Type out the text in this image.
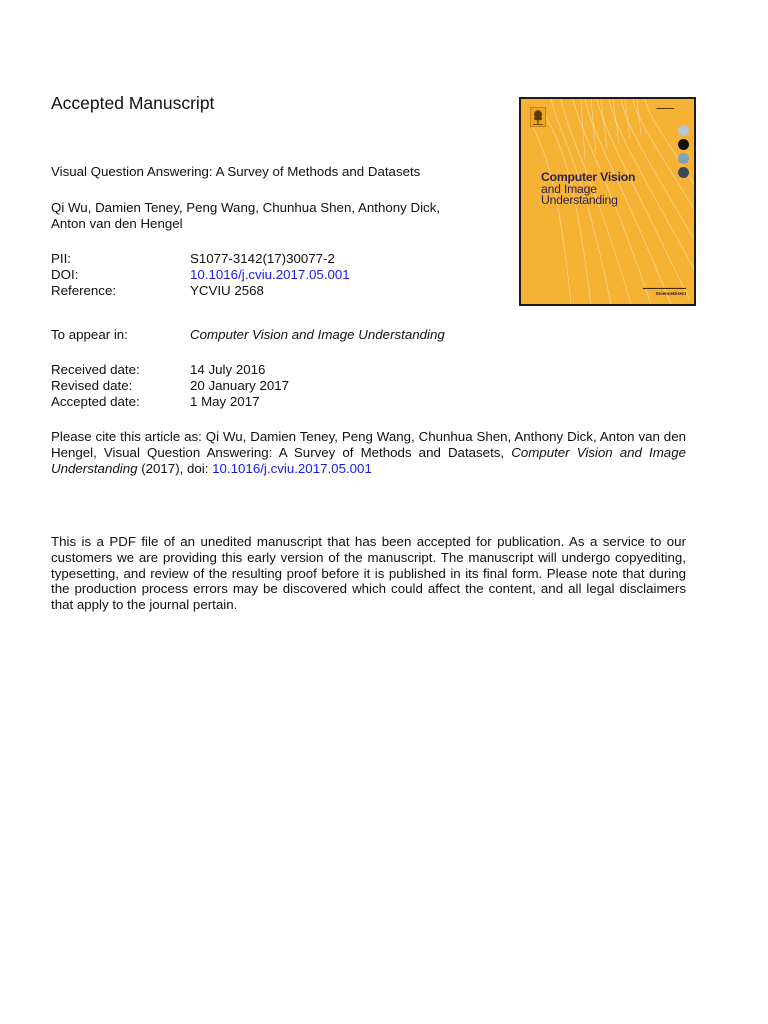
Accepted Manuscript
Visual Question Answering: A Survey of Methods and Datasets
Qi Wu, Damien Teney, Peng Wang, Chunhua Shen, Anthony Dick,
Anton van den Hengel
PII:	S1077-3142(17)30077-2
DOI:	10.1016/j.cviu.2017.05.001
Reference:	YCVIU 2568
To appear in:	Computer Vision and Image Understanding
Received date:	14 July 2016
Revised date:	20 January 2017
Accepted date:	1 May 2017
Please cite this article as: Qi Wu, Damien Teney, Peng Wang, Chunhua Shen, Anthony Dick, Anton van den Hengel, Visual Question Answering: A Survey of Methods and Datasets, Computer Vision and Image Understanding (2017), doi: 10.1016/j.cviu.2017.05.001
This is a PDF file of an unedited manuscript that has been accepted for publication. As a service to our customers we are providing this early version of the manuscript. The manuscript will undergo copyediting, typesetting, and review of the resulting proof before it is published in its final form. Please note that during the production process errors may be discovered which could affect the content, and all legal disclaimers that apply to the journal pertain.
▬▬▬▬▬
Computer Vision
and Image
Understanding
▬▬▬▬▬▬▬▬▬▬▬▬
ScienceDirect
